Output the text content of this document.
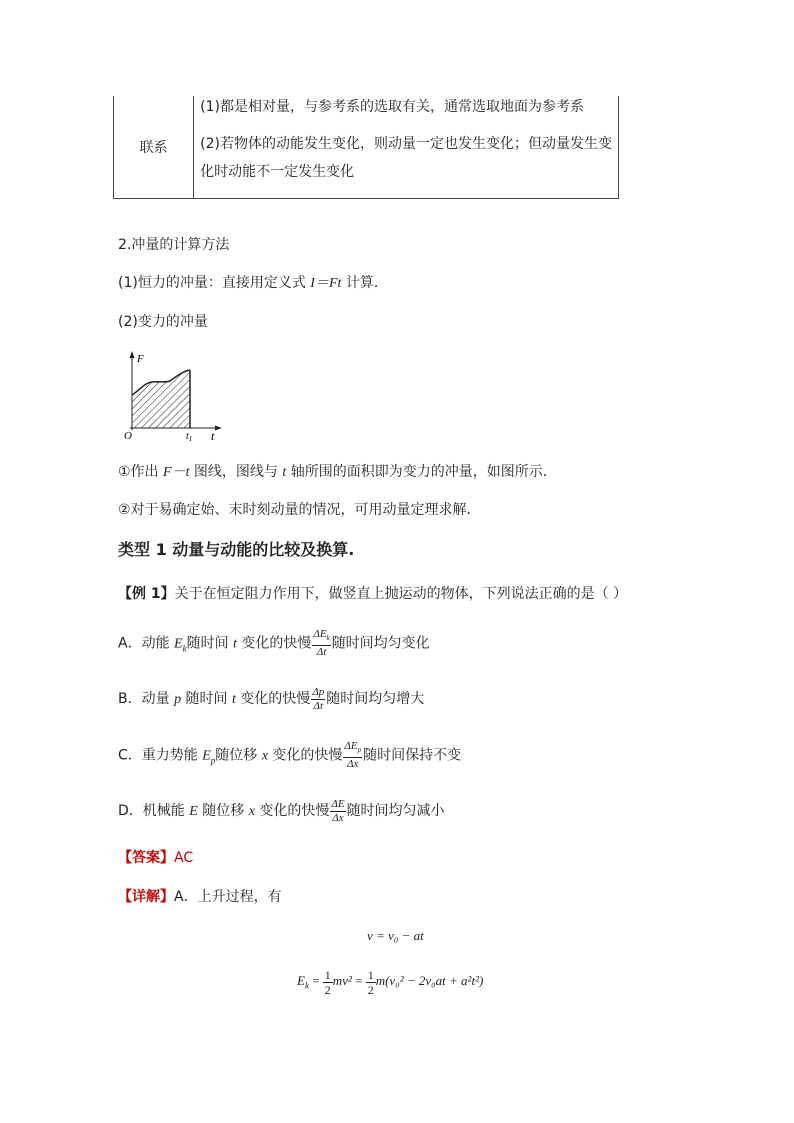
联系	
(1)都是相对量，与参考系的选取有关，通常选取地面为参考系
(2)若物体的动能发生变化，则动量一定也发生变化；但动量发生变
化时动能不一定发生变化
2.冲量的计算方法
(1)恒力的冲量：直接用定义式 I＝Ft 计算．
(2)变力的冲量
F
t
O	$t_1$
①作出 F－t 图线，图线与 t 轴所围的面积即为变力的冲量，如图所示．
②对于易确定始、末时刻动量的情况，可用动量定理求解．
类型 1 动量与动能的比较及换算.
【例 1】关于在恒定阻力作用下，做竖直上抛运动的物体，下列说法正确的是（ ）
A．动能 $E_k$随时间 t 变化的快慢 $\frac{\Delta E_k}{\Delta t}$ 随时间均匀变化
B．动量 p 随时间 t 变化的快慢 $\frac{\Delta p}{\Delta t}$ 随时间均匀增大
C．重力势能 $E_p$随位移 x 变化的快慢 $\frac{\Delta E_p}{\Delta x}$ 随时间保持不变
D．机械能 E 随位移 x 变化的快慢 $\frac{\Delta E}{\Delta x}$ 随时间均匀减小
【答案】AC
【详解】A．上升过程，有
v = v₀ − at
$E_k = \frac{1}{2} mv^2 = \frac{1}{2} m(v_0^2 - 2v_0at + a^2t^2)$
